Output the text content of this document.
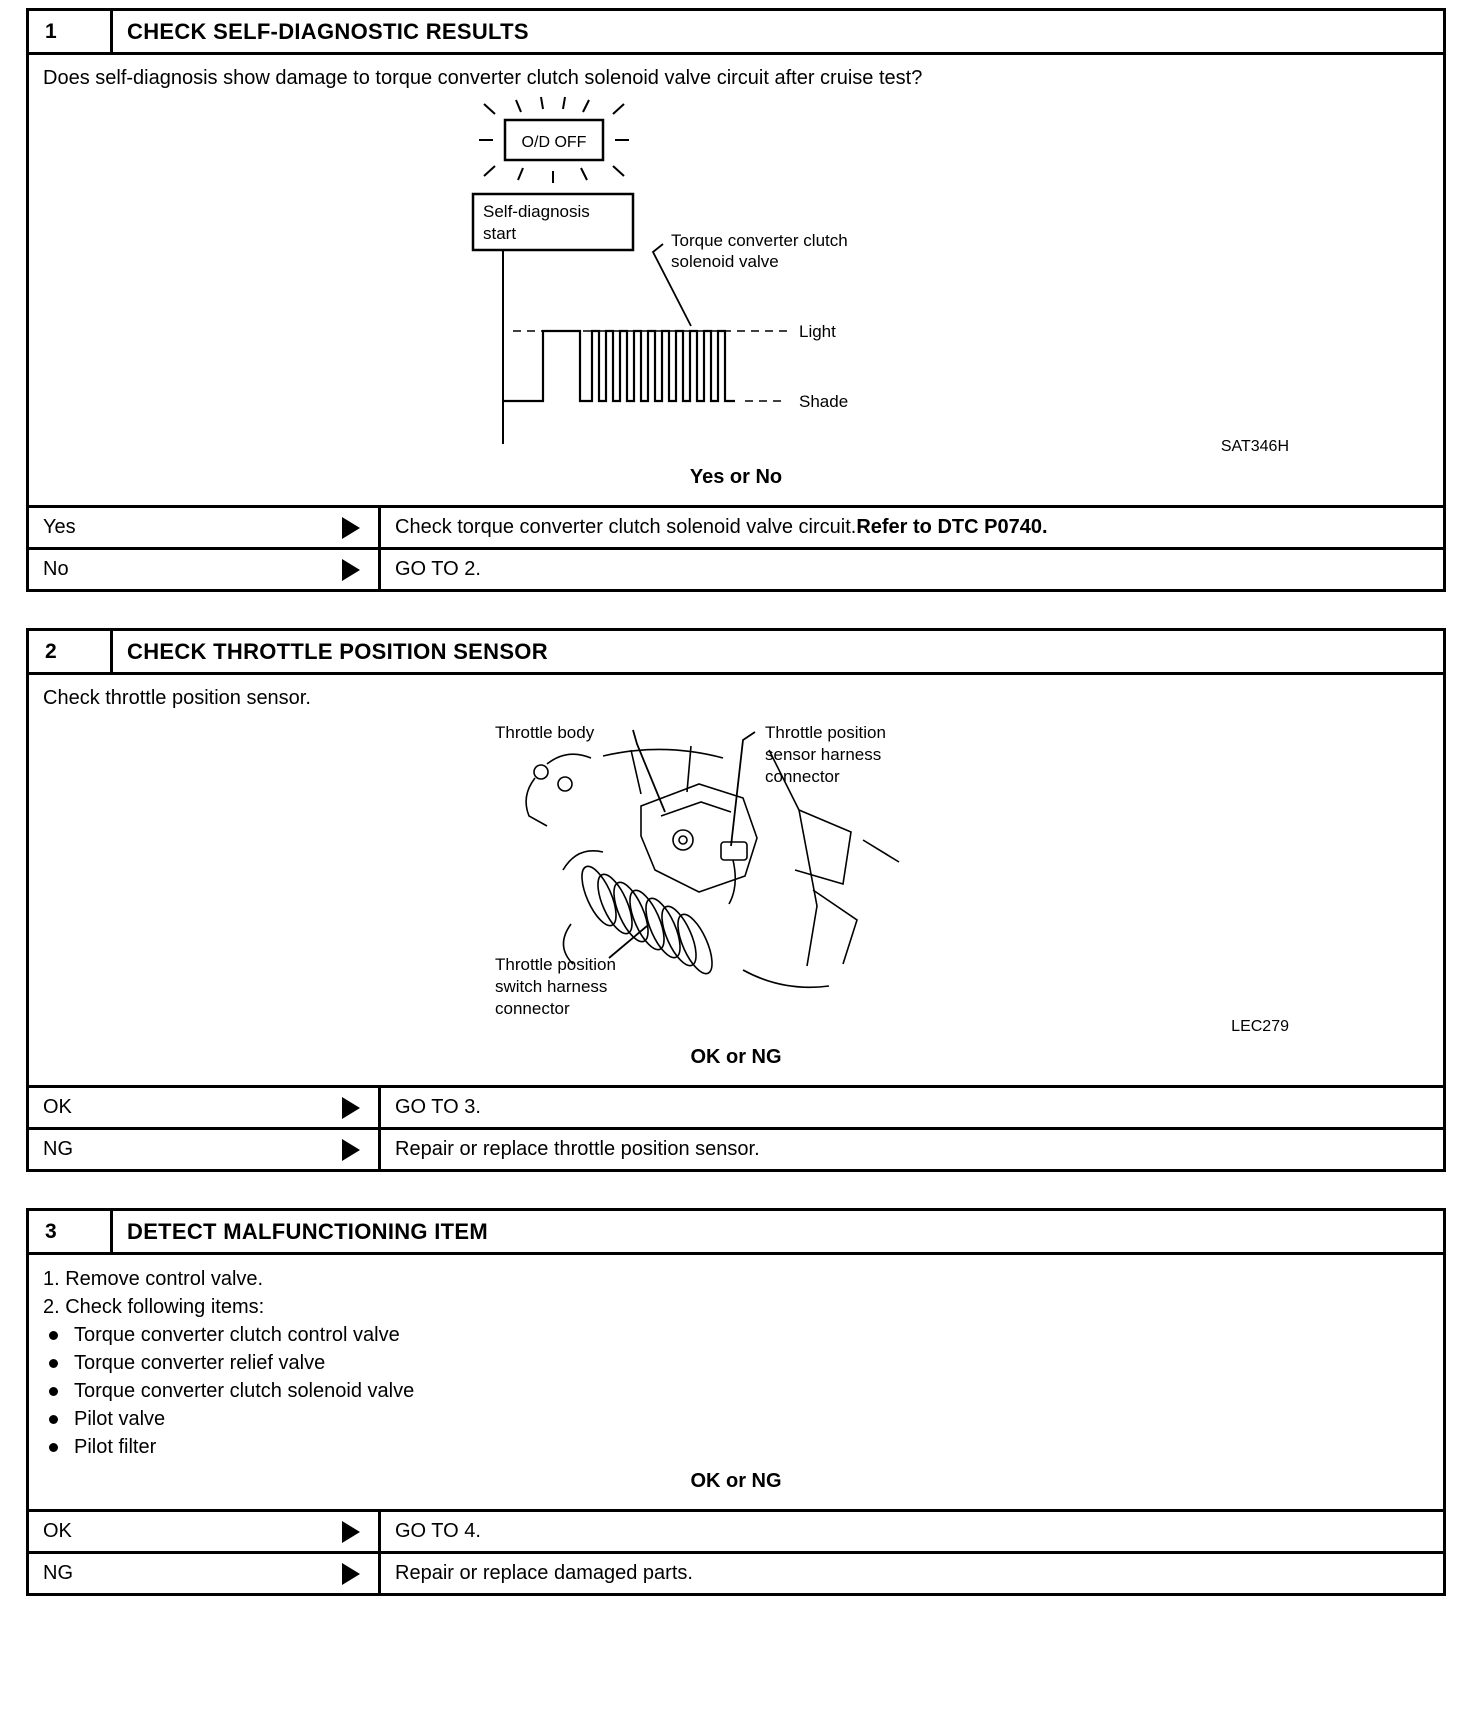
1	CHECK SELF-DIAGNOSTIC RESULTS
Does self-diagnosis show damage to torque converter clutch solenoid valve circuit after cruise test?
O/D OFF
Self-diagnosis
start	Torque converter clutch
solenoid valve
Light
Shade
SAT346H
Yes or No
Yes	Check torque converter clutch solenoid valve circuit. Refer to DTC P0740.
No	GO TO 2.
2	CHECK THROTTLE POSITION SENSOR
Check throttle position sensor.
Throttle body	Throttle position
sensor harness
connector
Throttle position
switch harness
connector
LEC279
OK or NG
OK	GO TO 3.
NG	Repair or replace throttle position sensor.
3	DETECT MALFUNCTIONING ITEM
1. Remove control valve.
2. Check following items:
Torque converter clutch control valve
Torque converter relief valve
Torque converter clutch solenoid valve
Pilot valve
Pilot filter
OK or NG
OK	GO TO 4.
NG	Repair or replace damaged parts.
